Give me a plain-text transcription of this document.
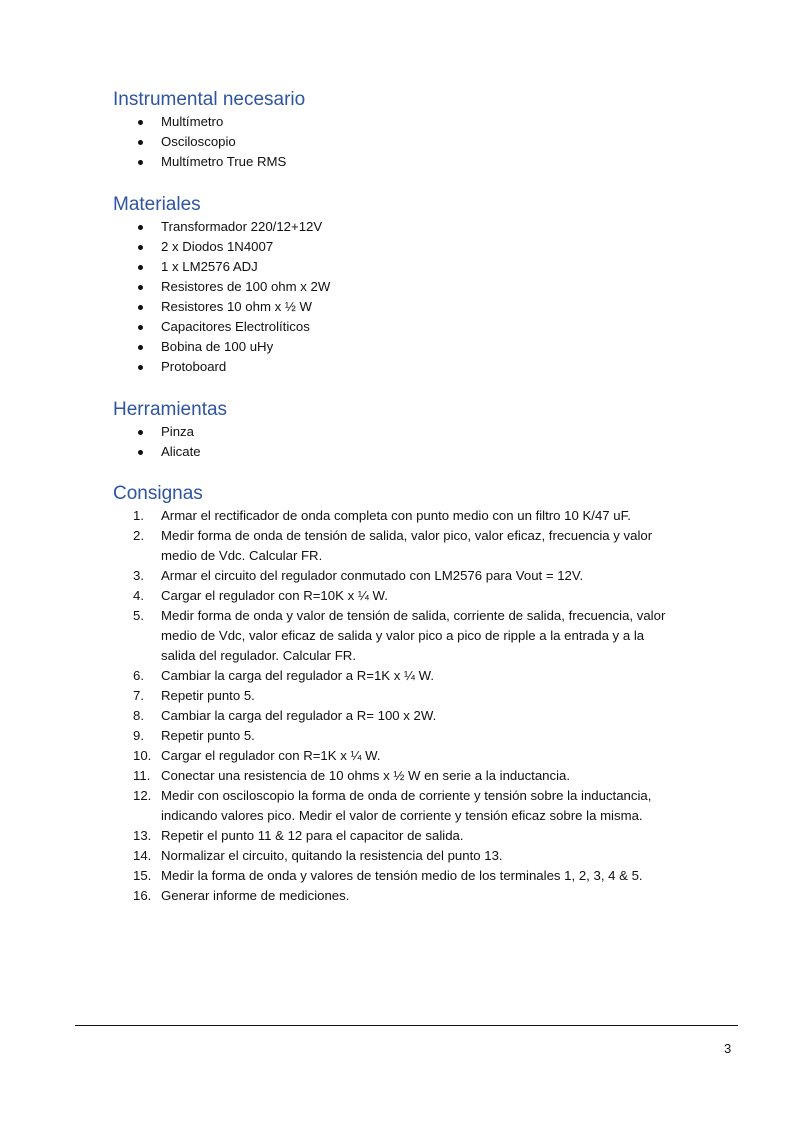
Instrumental necesario
Multímetro
Osciloscopio
Multímetro True RMS
Materiales
Transformador 220/12+12V
2 x Diodos 1N4007
1 x LM2576 ADJ
Resistores de 100 ohm x 2W
Resistores 10 ohm x ½ W
Capacitores Electrolíticos
Bobina de 100 uHy
Protoboard
Herramientas
Pinza
Alicate
Consignas
1.	Armar el rectificador de onda completa con punto medio con un filtro 10 K/47 uF.
2.	Medir forma de onda de tensión de salida, valor pico, valor eficaz, frecuencia y valor medio de Vdc. Calcular FR.
3.	Armar el circuito del regulador conmutado con LM2576 para Vout = 12V.
4.	Cargar el regulador con R=10K x ¼ W.
5.	Medir forma de onda y valor de tensión de salida, corriente de salida, frecuencia, valor medio de Vdc, valor eficaz de salida y valor pico a pico de ripple a la entrada y a la salida del regulador. Calcular FR.
6.	Cambiar la carga del regulador a R=1K x ¼ W.
7.	Repetir punto 5.
8.	Cambiar la carga del regulador a R= 100 x 2W.
9.	Repetir punto 5.
10. Cargar el regulador con R=1K x ¼ W.
11. Conectar una resistencia de 10 ohms x ½ W en serie a la inductancia.
12. Medir con osciloscopio la forma de onda de corriente y tensión sobre la inductancia, indicando valores pico. Medir el valor de corriente y tensión eficaz sobre la misma.
13. Repetir el punto 11 & 12 para el capacitor de salida.
14. Normalizar el circuito, quitando la resistencia del punto 13.
15. Medir la forma de onda y valores de tensión medio de los terminales 1, 2, 3, 4 & 5.
16. Generar informe de mediciones.
3
